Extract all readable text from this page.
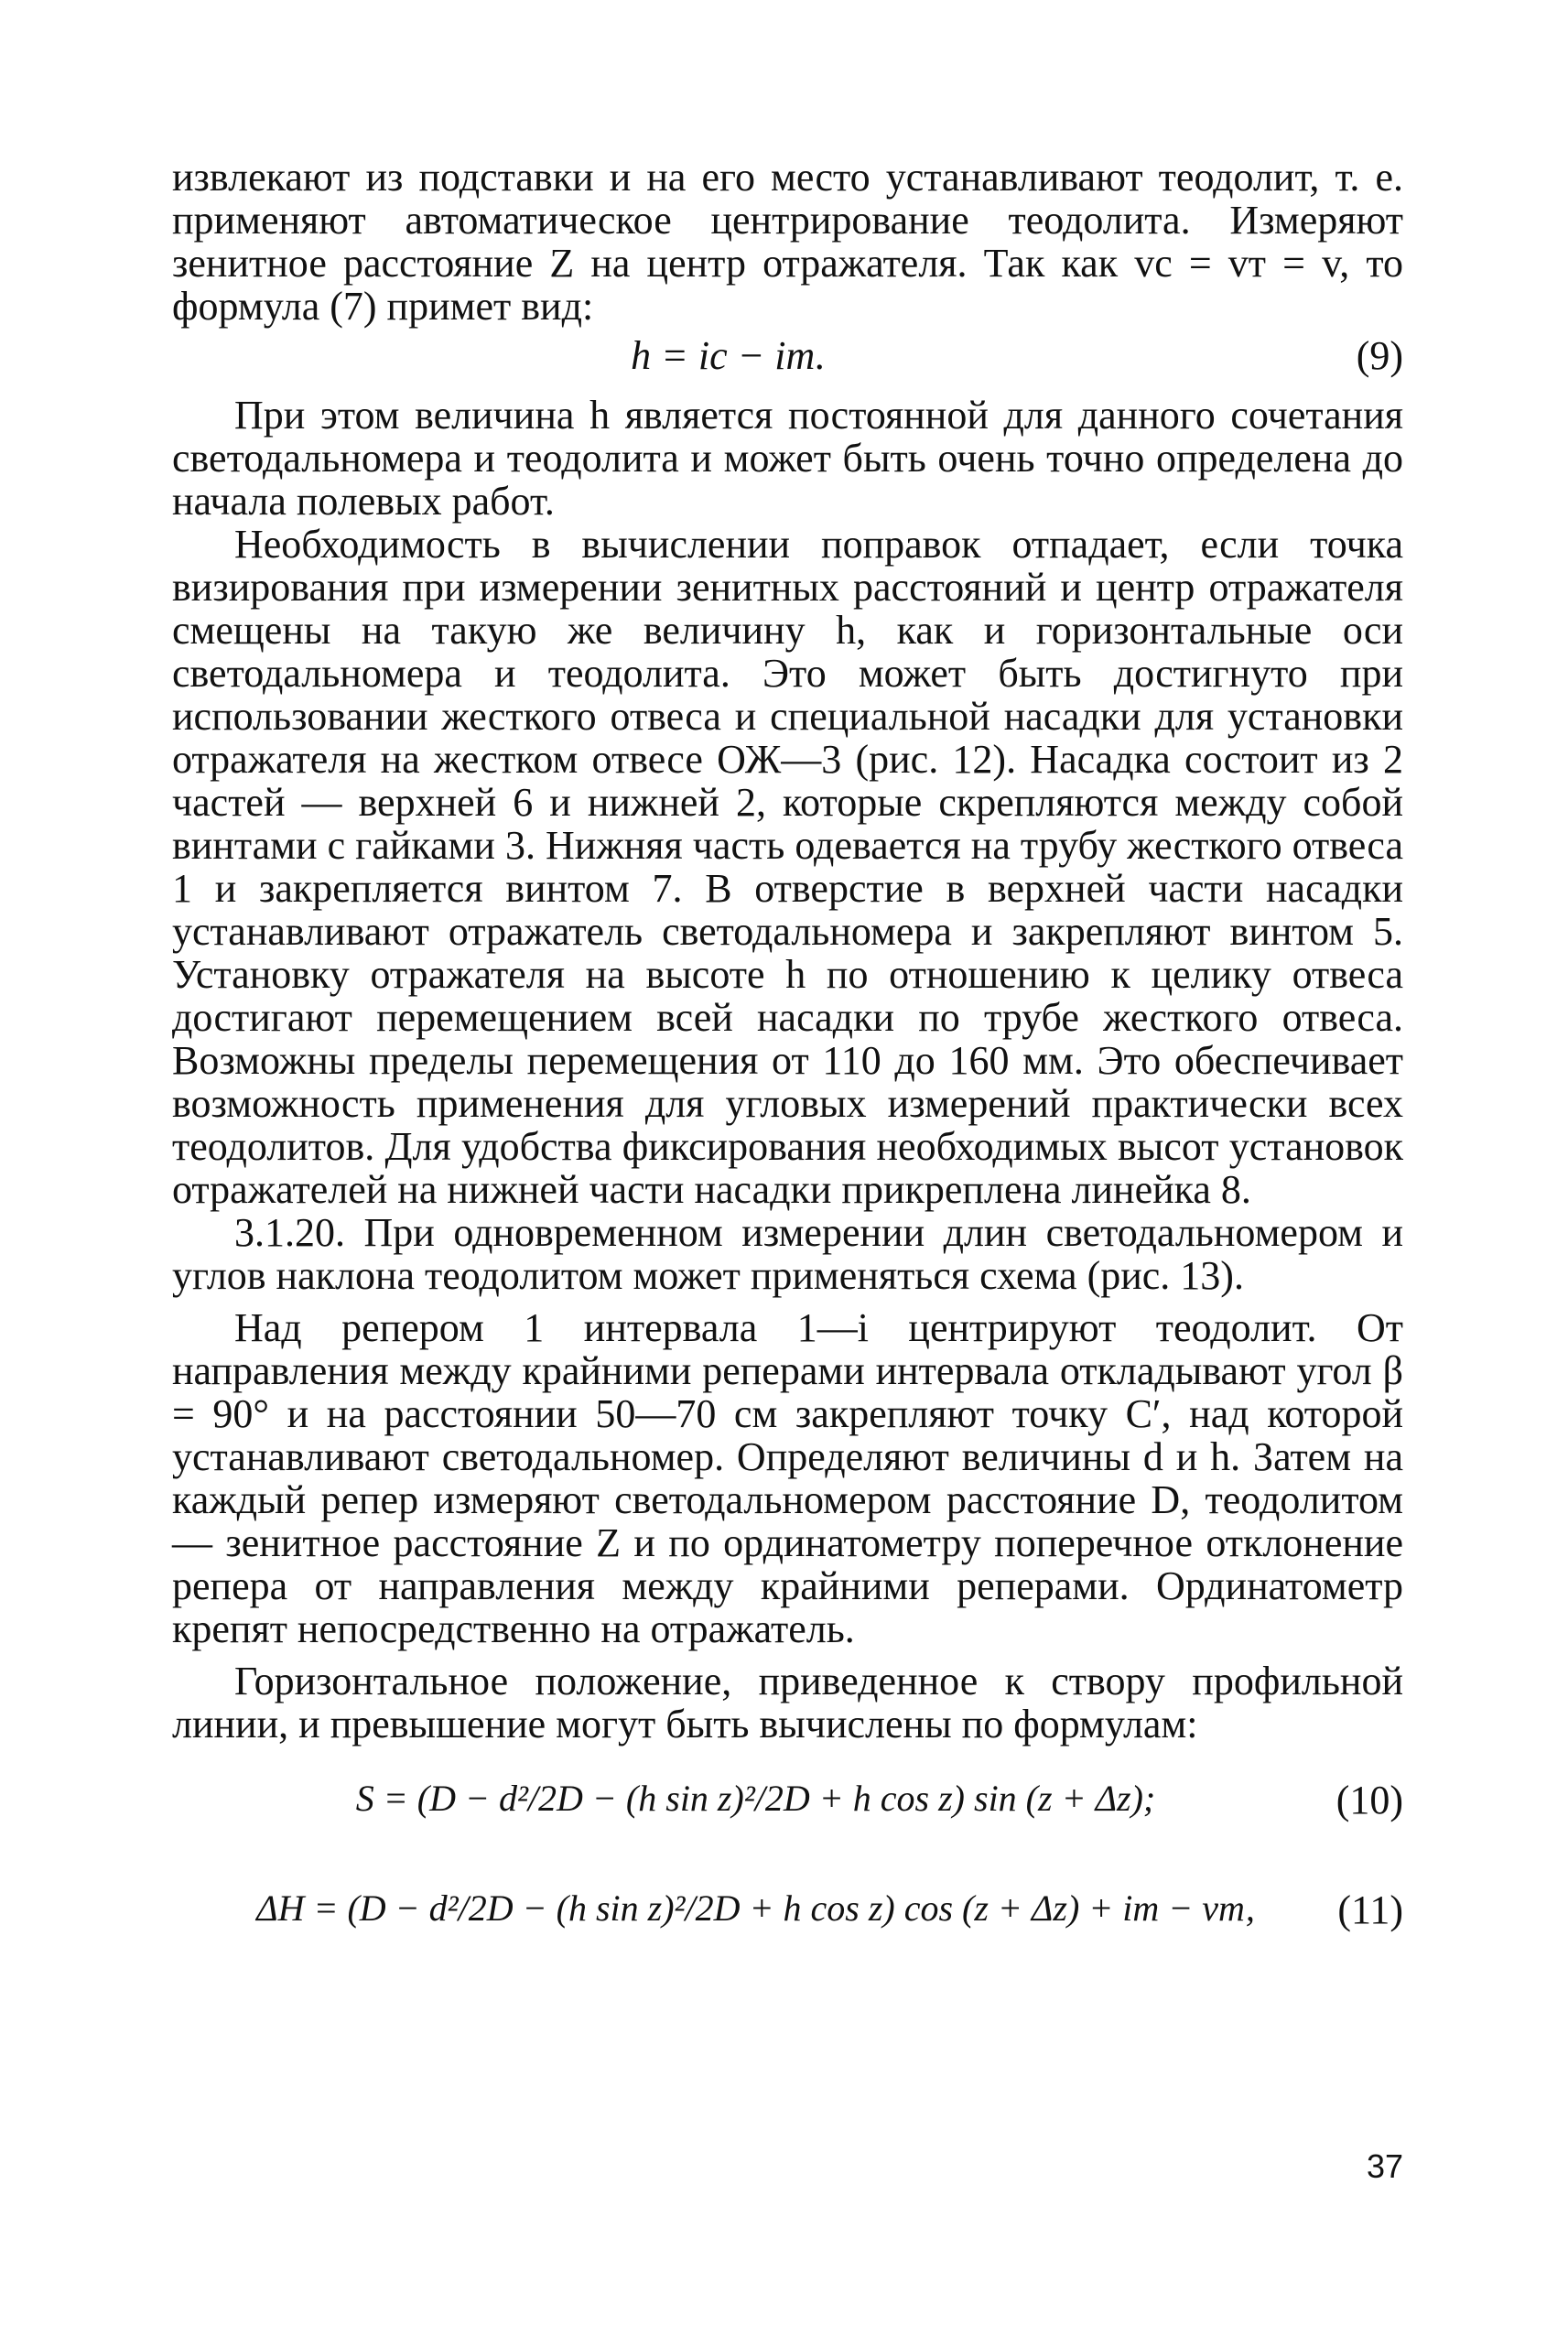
извлекают из подставки и на его место устанавливают теодолит, т. е. применяют автоматическое центрирование теодолита. Измеряют зенитное расстояние Z на центр отражателя. Так как vс = vт = v, то формула (7) примет вид:

h = iс − iт.	(9)

При этом величина h является постоянной для данного сочетания светодальномера и теодолита и может быть очень точно определена до начала полевых работ.

Необходимость в вычислении поправок отпадает, если точка визирования при измерении зенитных расстояний и центр отражателя смещены на такую же величину h, как и горизонтальные оси светодальномера и теодолита. Это может быть достигнуто при использовании жесткого отвеса и специальной насадки для установки отражателя на жестком отвесе ОЖ—3 (рис. 12). Насадка состоит из 2 частей — верхней 6 и нижней 2, которые скрепляются между собой винтами с гайками 3. Нижняя часть одевается на трубу жесткого отвеса 1 и закрепляется винтом 7. В отверстие в верхней части насадки устанавливают отражатель светодальномера и закрепляют винтом 5. Установку отражателя на высоте h по отношению к целику отвеса достигают перемещением всей насадки по трубе жесткого отвеса. Возможны пределы перемещения от 110 до 160 мм. Это обеспечивает возможность применения для угловых измерений практически всех теодолитов. Для удобства фиксирования необходимых высот установок отражателей на нижней части насадки прикреплена линейка 8.

3.1.20. При одновременном измерении длин светодальномером и углов наклона теодолитом может применяться схема (рис. 13).

Над репером 1 интервала 1—i центрируют теодолит. От направления между крайними реперами интервала откладывают угол β = 90° и на расстоянии 50—70 см закрепляют точку C′, над которой устанавливают светодальномер. Определяют величины d и h. Затем на каждый репер измеряют светодальномером расстояние D, теодолитом — зенитное расстояние Z и по ординатометру поперечное отклонение репера от направления между крайними реперами. Ординатометр крепят непосредственно на отражатель.

Горизонтальное положение, приведенное к створу профильной линии, и превышение могут быть вычислены по формулам:

S = (D − d²/2D − (h sin z)²/2D + h cos z) sin (z + Δz);	(10)
ΔH = (D − d²/2D − (h sin z)²/2D + h cos z) cos (z + Δz) + iт − vт,	(11)
37
